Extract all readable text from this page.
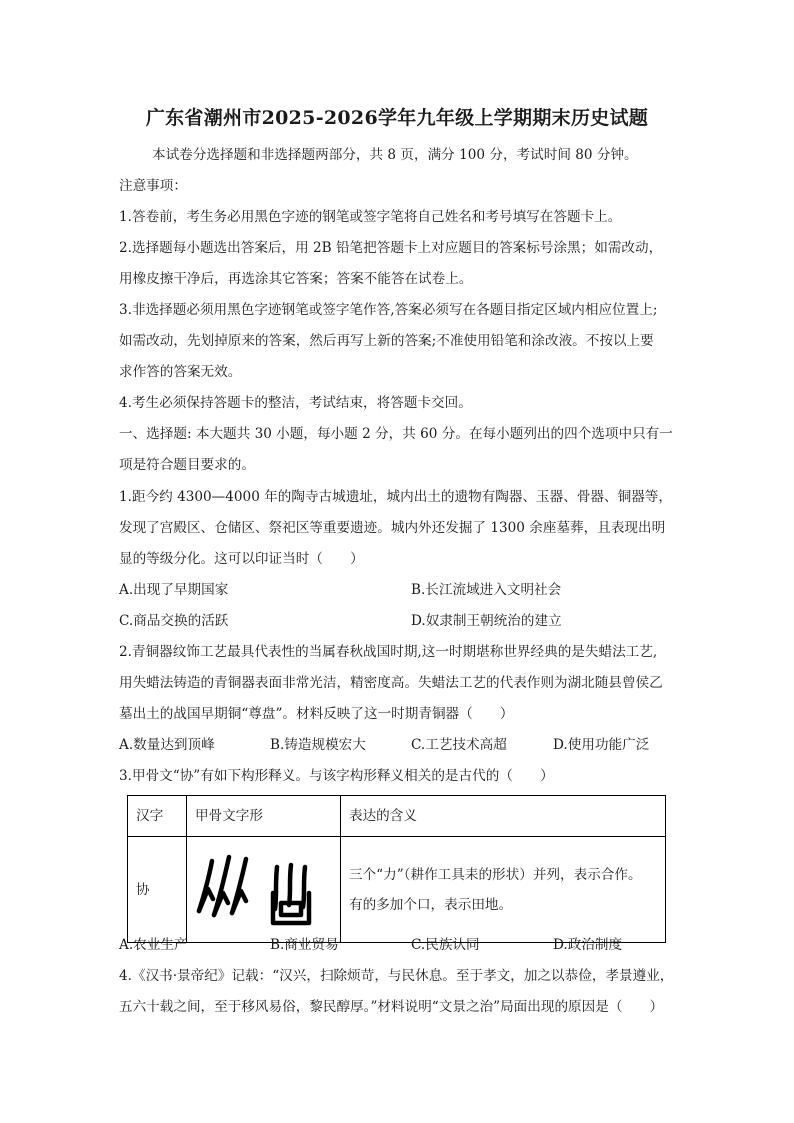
广东省潮州市2025-2026学年九年级上学期期末历史试题
本试卷分选择题和非选择题两部分，共 8 页，满分 100 分，考试时间 80 分钟。
注意事项：
1.答卷前，考生务必用黑色字迹的钢笔或签字笔将自己姓名和考号填写在答题卡上。
2.选择题每小题选出答案后，用 2B 铅笔把答题卡上对应题目的答案标号涂黑；如需改动，
用橡皮擦干净后，再选涂其它答案；答案不能答在试卷上。
3.非选择题必须用黑色字迹钢笔或签字笔作答,答案必须写在各题目指定区域内相应位置上;
如需改动，先划掉原来的答案，然后再写上新的答案;不准使用铅笔和涂改液。不按以上要
求作答的答案无效。
4.考生必须保持答题卡的整洁，考试结束，将答题卡交回。
一、选择题: 本大题共 30 小题，每小题 2 分，共 60 分。在每小题列出的四个选项中只有一
项是符合题目要求的。
1.距今约 4300—4000 年的陶寺古城遗址，城内出土的遗物有陶器、玉器、骨器、铜器等，
发现了宫殿区、仓储区、祭祀区等重要遗迹。城内外还发掘了 1300 余座墓葬，且表现出明
显的等级分化。这可以印证当时（　　）
A.出现了早期国家	B.长江流域进入文明社会
C.商品交换的活跃	D.奴隶制王朝统治的建立
2.青铜器纹饰工艺最具代表性的当属春秋战国时期,这一时期堪称世界经典的是失蜡法工艺,
用失蜡法铸造的青铜器表面非常光洁，精密度高。失蜡法工艺的代表作则为湖北随县曾侯乙
墓出土的战国早期铜“尊盘”。材料反映了这一时期青铜器（　　）
A.数量达到顶峰	B.铸造规模宏大	C.工艺技术高超	D.使用功能广泛
3.甲骨文“协”有如下构形释义。与该字构形释义相关的是古代的（　　）
汉字	甲骨文字形	表达的含义
协		三个“力”（耕作工具耒的形状）并列，表示合作。
有的多加个口，表示田地。
A.农业生产	B.商业贸易	C.民族认同	D.政治制度
4.《汉书·景帝纪》记载：“汉兴，扫除烦苛，与民休息。至于孝文，加之以恭俭，孝景遵业，
五六十载之间，至于移风易俗，黎民醇厚。”材料说明“文景之治”局面出现的原因是（　　）
